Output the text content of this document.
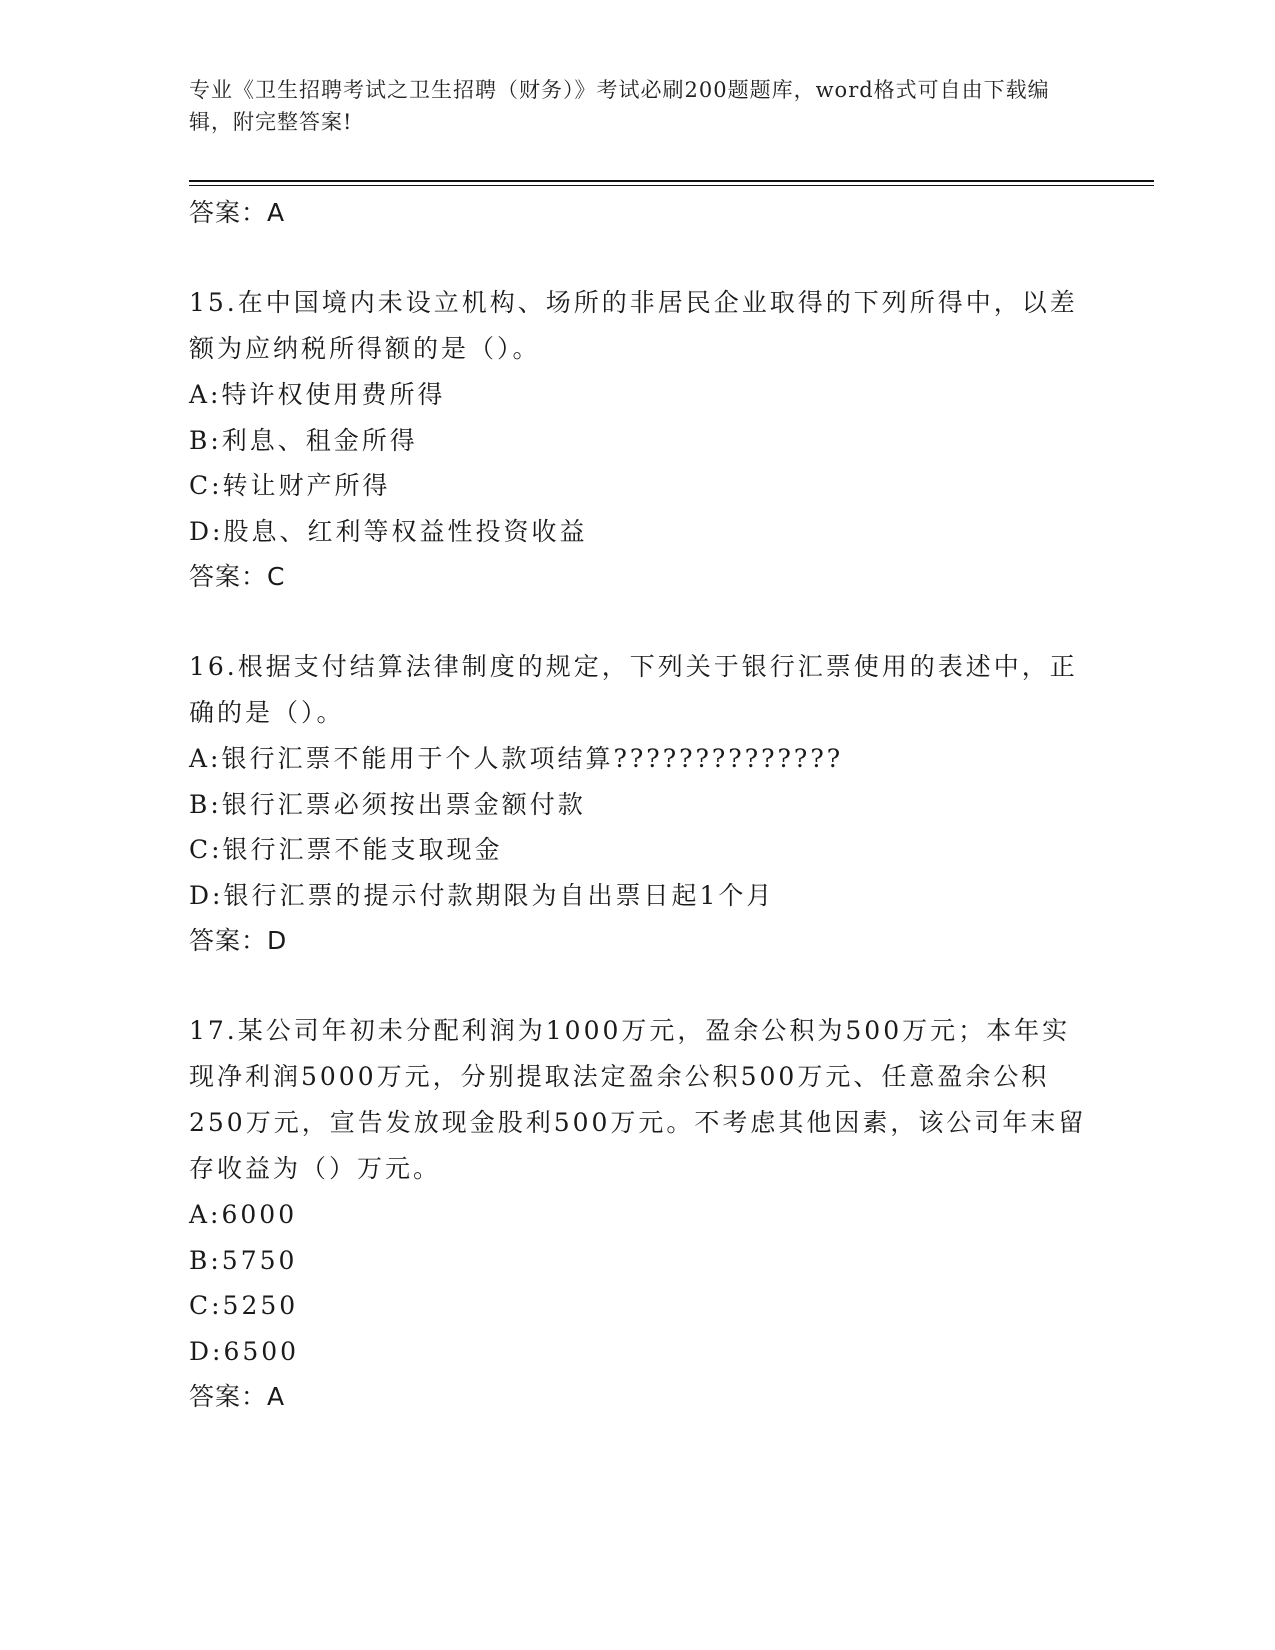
专业《卫生招聘考试之卫生招聘（财务）》考试必刷200题题库，word格式可自由下载编辑，附完整答案!

答案：A

15.在中国境内未设立机构、场所的非居民企业取得的下列所得中，以差额为应纳税所得额的是（）。

A:特许权使用费所得

B:利息、租金所得

C:转让财产所得

D:股息、红利等权益性投资收益

答案：C

16.根据支付结算法律制度的规定，下列关于银行汇票使用的表述中，正确的是（）。

A:银行汇票不能用于个人款项结算??????????????

B:银行汇票必须按出票金额付款

C:银行汇票不能支取现金

D:银行汇票的提示付款期限为自出票日起1个月

答案：D

17.某公司年初未分配利润为1000万元，盈余公积为500万元；本年实现净利润5000万元，分别提取法定盈余公积500万元、任意盈余公积250万元，宣告发放现金股利500万元。不考虑其他因素，该公司年末留存收益为（）万元。

A:6000

B:5750

C:5250

D:6500

答案：A
